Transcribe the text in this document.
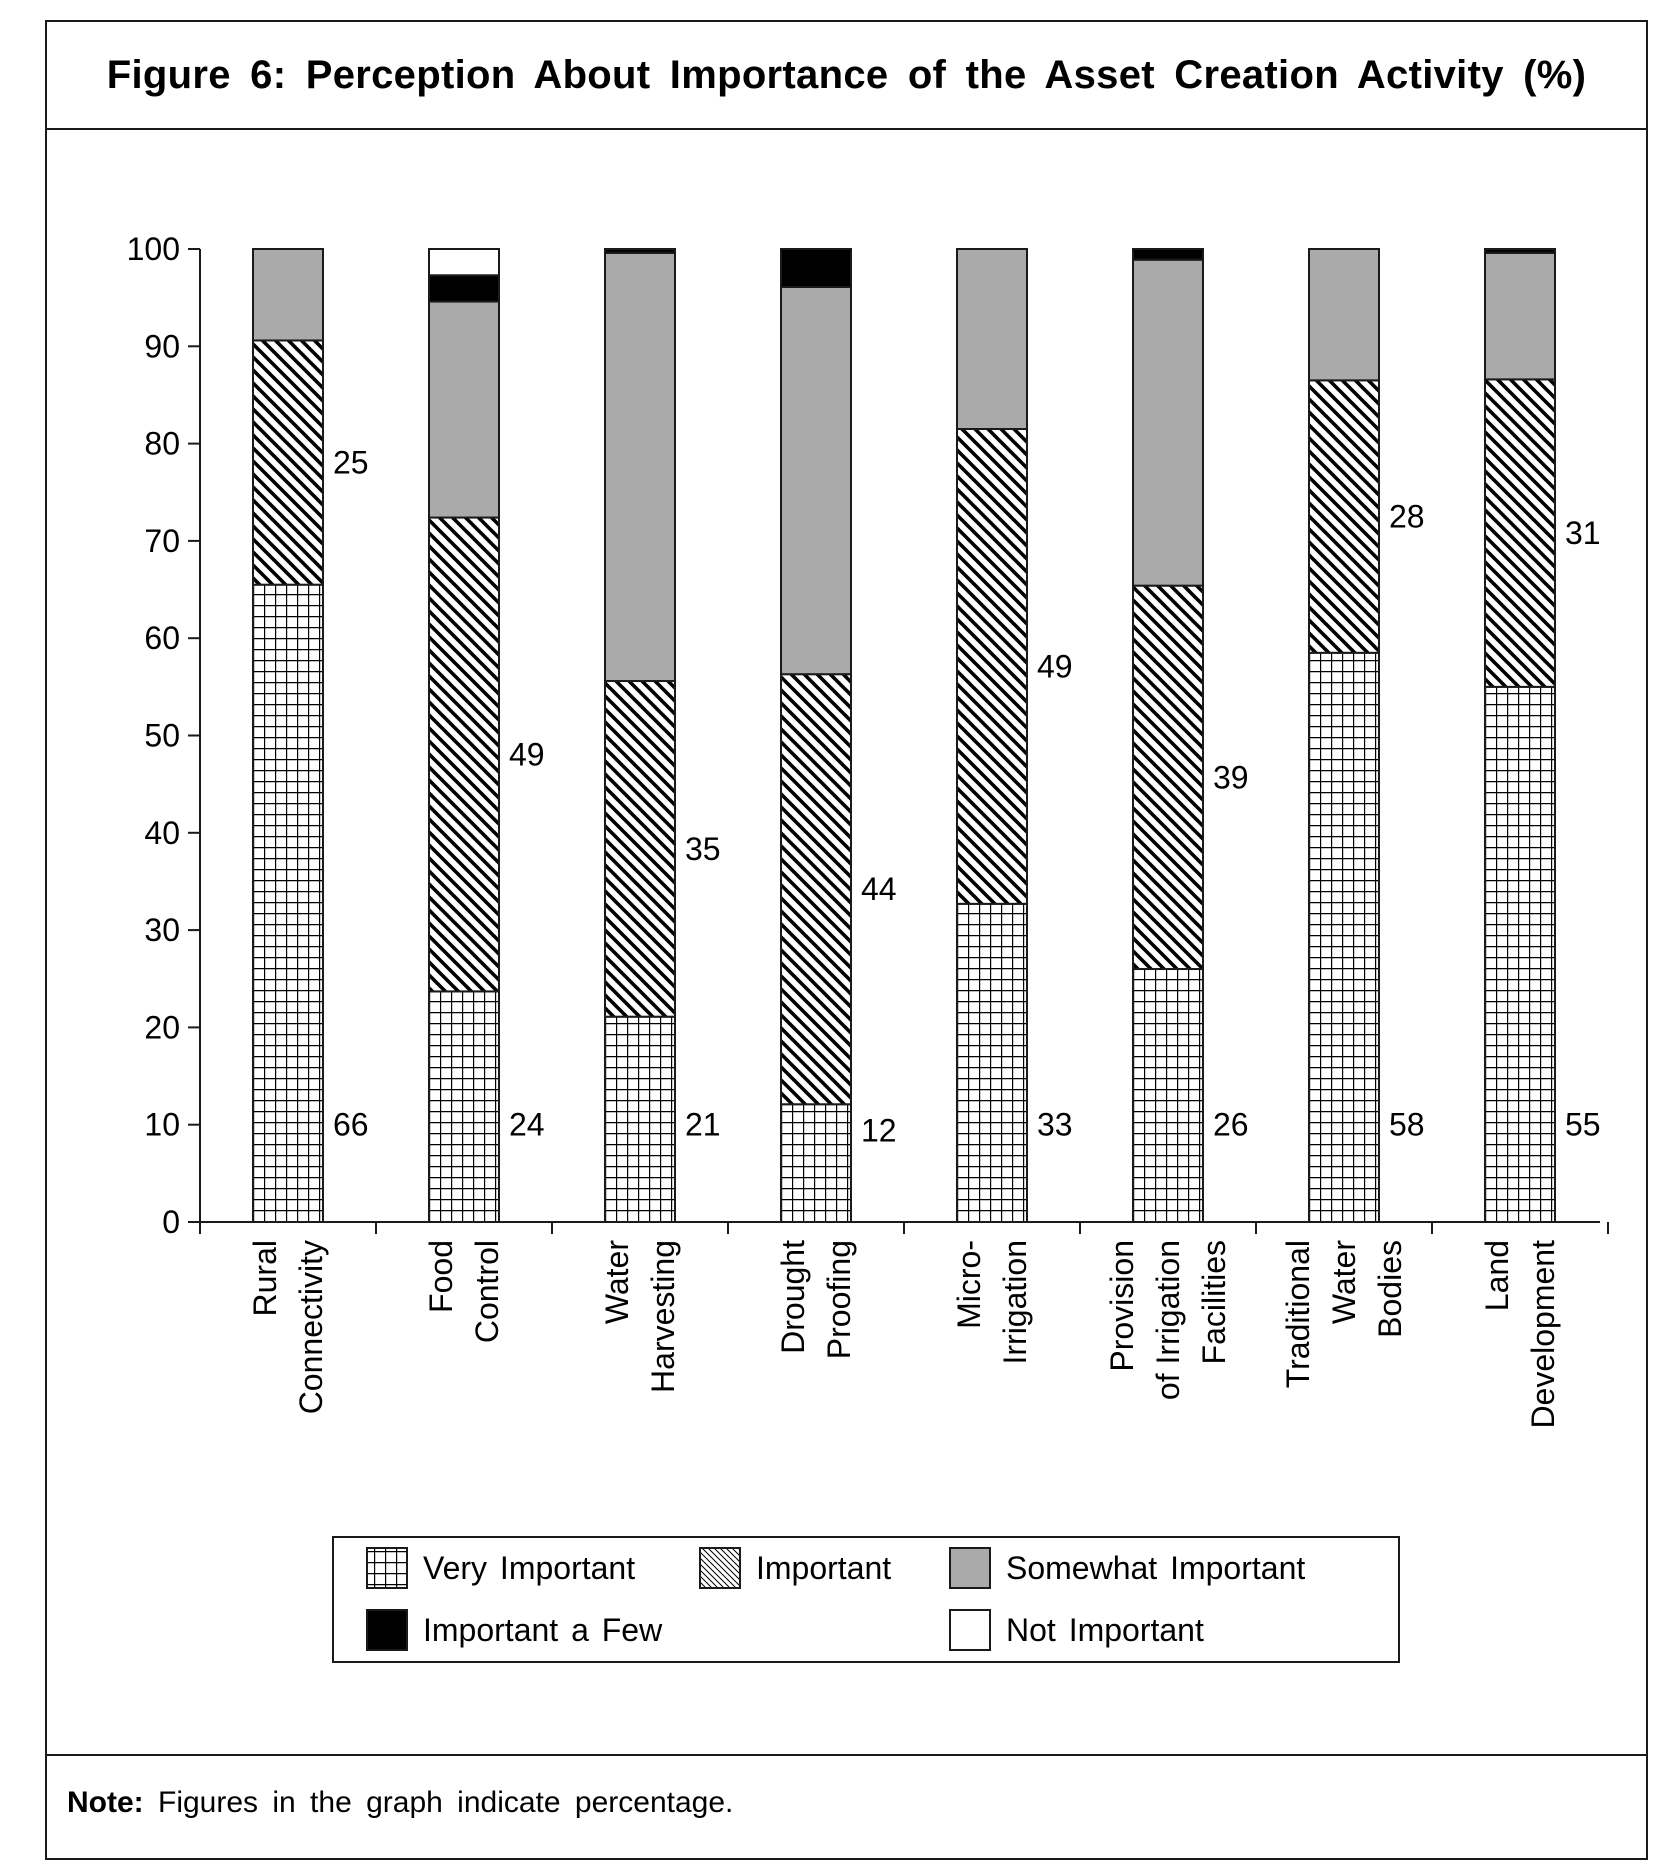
Figure 6: Perception About Importance of the Asset Creation Activity (%)
Note: Figures in the graph indicate percentage.
0
10
20
30
40
50
60
70
80
90
100
66
25
24
49
21
35
12
44
33
49
26
39
58
28
55
31
Rural Connectivity	Food Control	Water Harvesting	Drought Proofing	Micro- Irrigation Provision of Irrigation Facilities Traditional Water Bodies Land Development
Very Important	Important	Somewhat Important
Important a Few	Not Important
